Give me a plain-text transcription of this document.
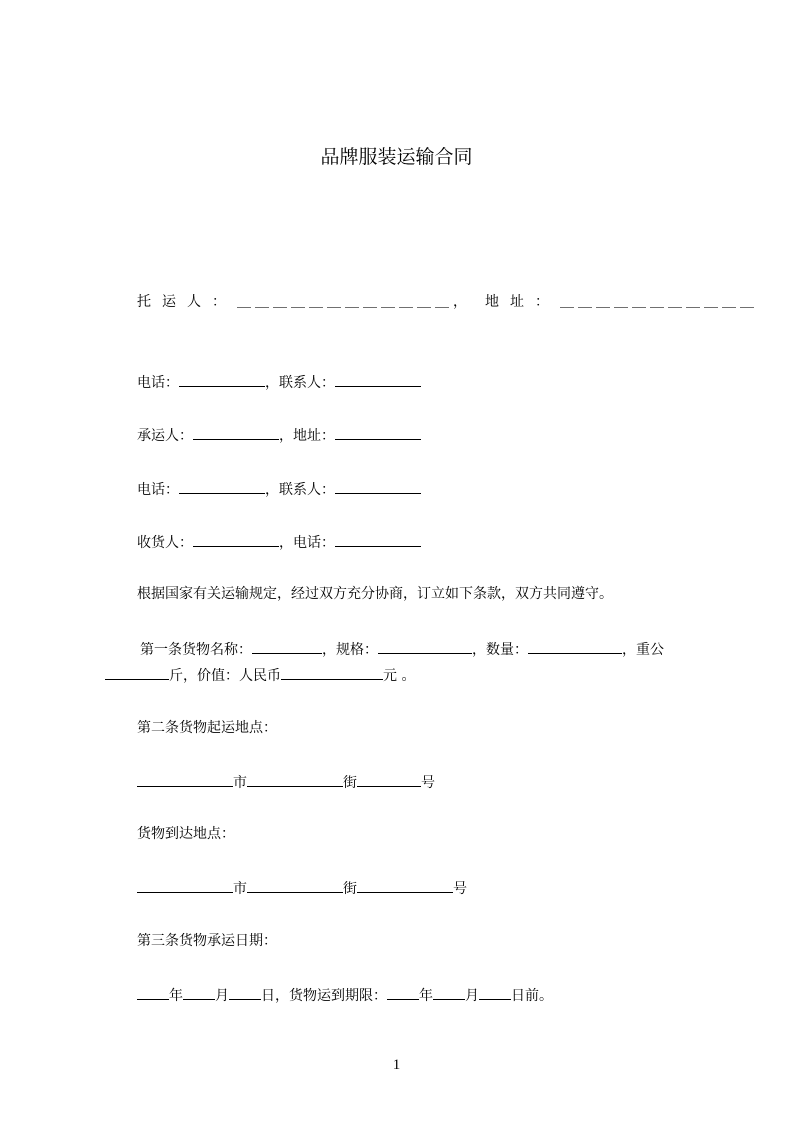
品牌服装运输合同
托运人：＿＿＿＿＿＿＿＿＿＿＿＿， 地址：＿＿＿＿＿＿＿＿＿＿＿
电话：	，联系人：
承运人：	，地址：
电话：	，联系人：
收货人：	，电话：
根据国家有关运输规定，经过双方充分协商，订立如下条款，双方共同遵守。
第一条货物名称：	，规格：	，数量：	，重公
斤，价值：人民币	元 。
第二条货物起运地点：
市	街	号
货物到达地点：
市	街	号
第三条货物承运日期：
年 月 日，货物运到期限： 年 月 日前。
1
